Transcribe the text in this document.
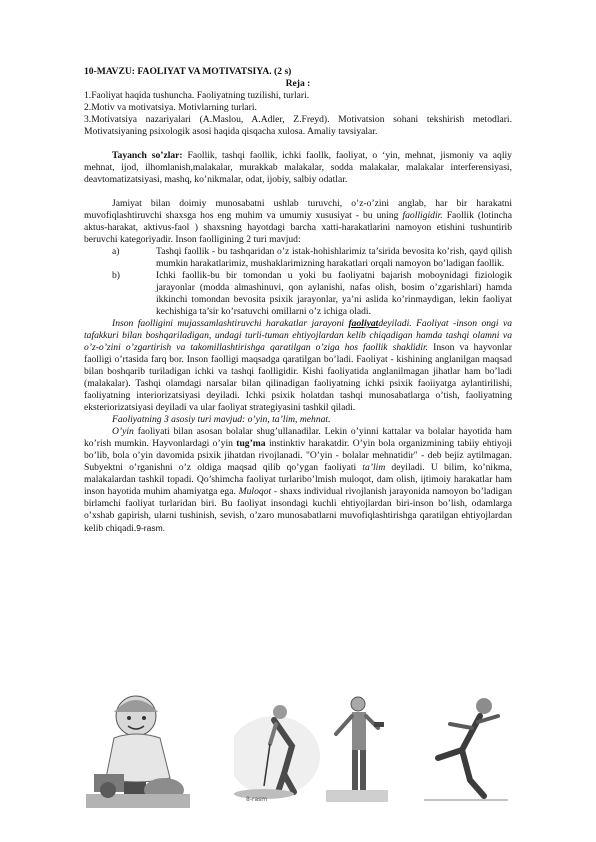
10-MAVZU: FAOLIYAT VA MOTIVATSIYA. (2 s)

Reja :

1.Faoliyat haqida tushuncha. Faoliyatning tuzilishi, turlari.

2.Motiv va motivatsiya. Motivlarning turlari.

3.Motivatsiya nazariyalari (A.Maslou, A.Adler, Z.Freyd). Motivatsion sohani tekshirish metodlari. Motivatsiyaning psixologik asosi haqida qisqacha xulosa. Amaliy tavsiyalar.

Tayanch so’zlar: Faollik, tashqi faollik, ichki faollk, faoliyat, o ‘yin, mehnat, jismoniy va aqliy mehnat, ijod, ilhomlanish,malakalar, murakkab malakalar, sodda malakalar, malakalar interferensiyasi, deavtomatizatsiyasi, mashq, ko’nikmalar, odat, ijobiy, salbiy odatlar.

Jamiyat bilan doimiy munosabatni ushlab turuvchi, o’z-o’zini anglab, har bir harakatni muvofiqlashtiruvchi shaxsga hos eng muhim va umumiy xususiyat - bu uning faolligidir. Faollik (lotincha aktus-harakat, aktivus-faol ) shaxsning hayotdagi barcha xatti-harakatlarini namoyon etishini tushuntirib beruvchi kategoriyadir. Inson faolligining 2 turi mavjud:

a)	Tashqi faollik - bu tashqaridan o’z istak-hohishlarimiz ta’sirida bevosita ko’rish, qayd qilish mumkin harakatlarimiz, mushaklarimizning harakatlari orqali namoyon bo’ladigan faollik.
b)	Ichki faollik-bu bir tomondan u yoki bu faoliyatni bajarish moboynidagi fiziologik jarayonlar (modda almashinuvi, qon aylanishi, nafas olish, bosim o’zgarishlari) hamda ikkinchi tomondan bevosita psixik jarayonlar, ya’ni aslida ko’rinmaydigan, lekin faoliyat kechishiga ta’sir ko’rsatuvchi omillarni o’z ichiga oladi.

Inson faolligini mujassamlashtiruvchi harakatlar jarayoni faoliyatdeyiladi. Faoliyat -inson ongi va tafakkuri bilan boshqariladigan, undagi turli-tuman ehtiyojlardan kelib chiqadigan hamda tashqi olamni va o’z-o’zini o’zgartirish va takomillashtirishga qaratilgan o’ziga hos faollik shaklidir. Inson va hayvonlar faolligi o’rtasida farq bor. Inson faolligi maqsadga qaratilgan bo’ladi. Faoliyat - kishining anglanilgan maqsad bilan boshqarib turiladigan ichki va tashqi faolligidir. Kishi faoliyatida anglanilmagan jihatlar ham bo’ladi (malakalar). Tashqi olamdagi narsalar bilan qilinadigan faoliyatning ichki psixik faoiiyatga aylantirilishi, faoliyatning interiorizatsiyasi deyiladi. Ichki psixik holatdan tashqi munosabatlarga o’tish, faoliyatning eksteriorizatsiyasi deyiladi va ular faoliyat strategiyasini tashkil qiladi.

Faoliyatning 3 asosiy turi mavjud: o’yin, ta’lim, mehnat.

O’yin faoliyati bilan asosan bolalar shug’ullanadilar. Lekin o’yinni kattalar va bolalar hayotida ham ko’rish mumkin. Hayvonlardagi o’yin tug’ma instinktiv harakatdir. O’yin bola organizmining tabiiy ehtiyoji bo’lib, bola o’yin davomida psixik jihatdan rivojlanadi. "O’yin - bolalar mehnatidir" - deb bejiz aytilmagan. Subyektni o’rganishni o’z oldiga maqsad qilib qo’ygan faoliyati ta’lim deyiladi. U bilim, ko’nikma, malakalardan tashkil topadi. Qo’shimcha faoliyat turlaribo’lmish muloqot, dam olish, ijtimoiy harakatlar ham inson hayotida muhim ahamiyatga ega. Muloqot - shaxs individual rivojlanish jarayonida namoyon bo’ladigan birlamchi faoliyat turlaridan biri. Bu faoliyat insondagi kuchli ehtiyojlardan biri-inson bo’lish, odamlarga o’xshab gapirish, ularni tushinish, sevish, o’zaro munosabatlarni muvofiqlashtirishga qaratilgan ehtiyojlardan kelib chiqadi.9-rasm.

8-rasm
